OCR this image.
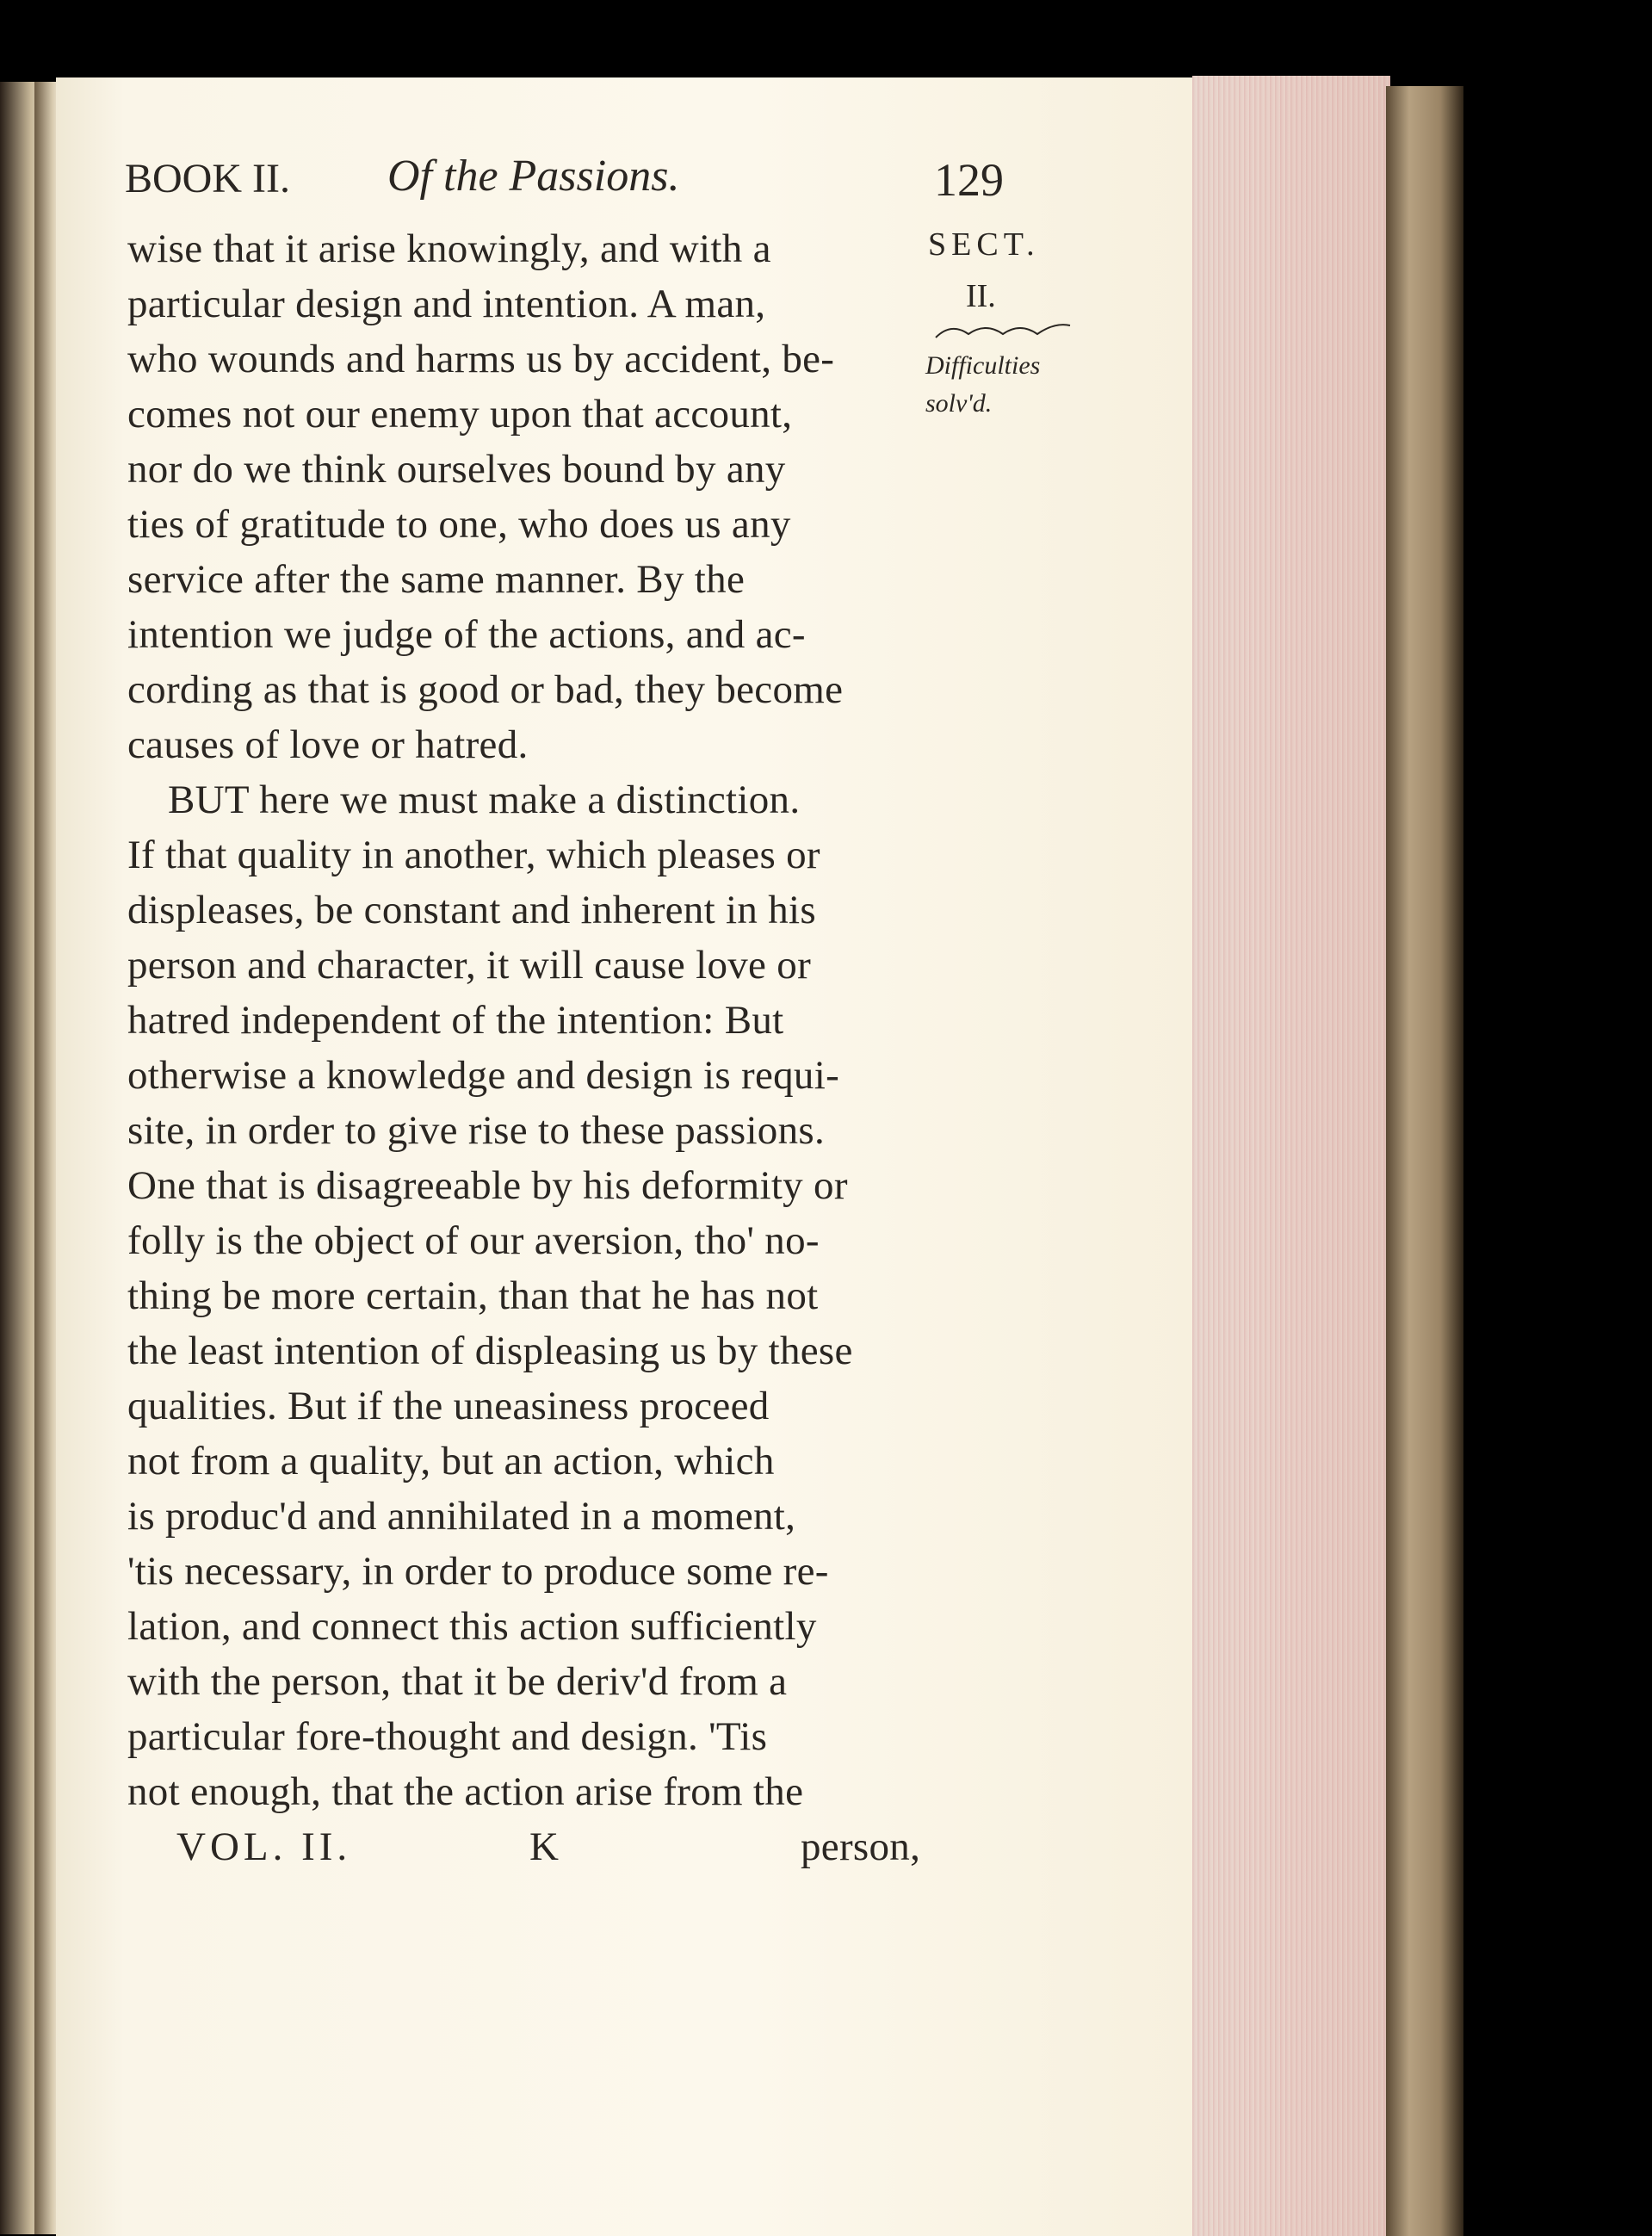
BOOK II. Of the Passions.	129
SECT.
II.
Difficulties
solv'd.
wise that it arise knowingly, and with a
particular design and intention. A man,
who wounds and harms us by accident, be-
comes not our enemy upon that account,
nor do we think ourselves bound by any
ties of gratitude to one, who does us any
service after the same manner. By the
intention we judge of the actions, and ac-
cording as that is good or bad, they become
causes of love or hatred.
BUT here we must make a distinction.
If that quality in another, which pleases or
displeases, be constant and inherent in his
person and character, it will cause love or
hatred independent of the intention: But
otherwise a knowledge and design is requi-
site, in order to give rise to these passions.
One that is disagreeable by his deformity or
folly is the object of our aversion, tho' no-
thing be more certain, than that he has not
the least intention of displeasing us by these
qualities. But if the uneasiness proceed
not from a quality, but an action, which
is produc'd and annihilated in a moment,
'tis necessary, in order to produce some re-
lation, and connect this action sufficiently
with the person, that it be deriv'd from a
particular fore-thought and design. 'Tis
not enough, that the action arise from the
VOL. II.	K	person,
